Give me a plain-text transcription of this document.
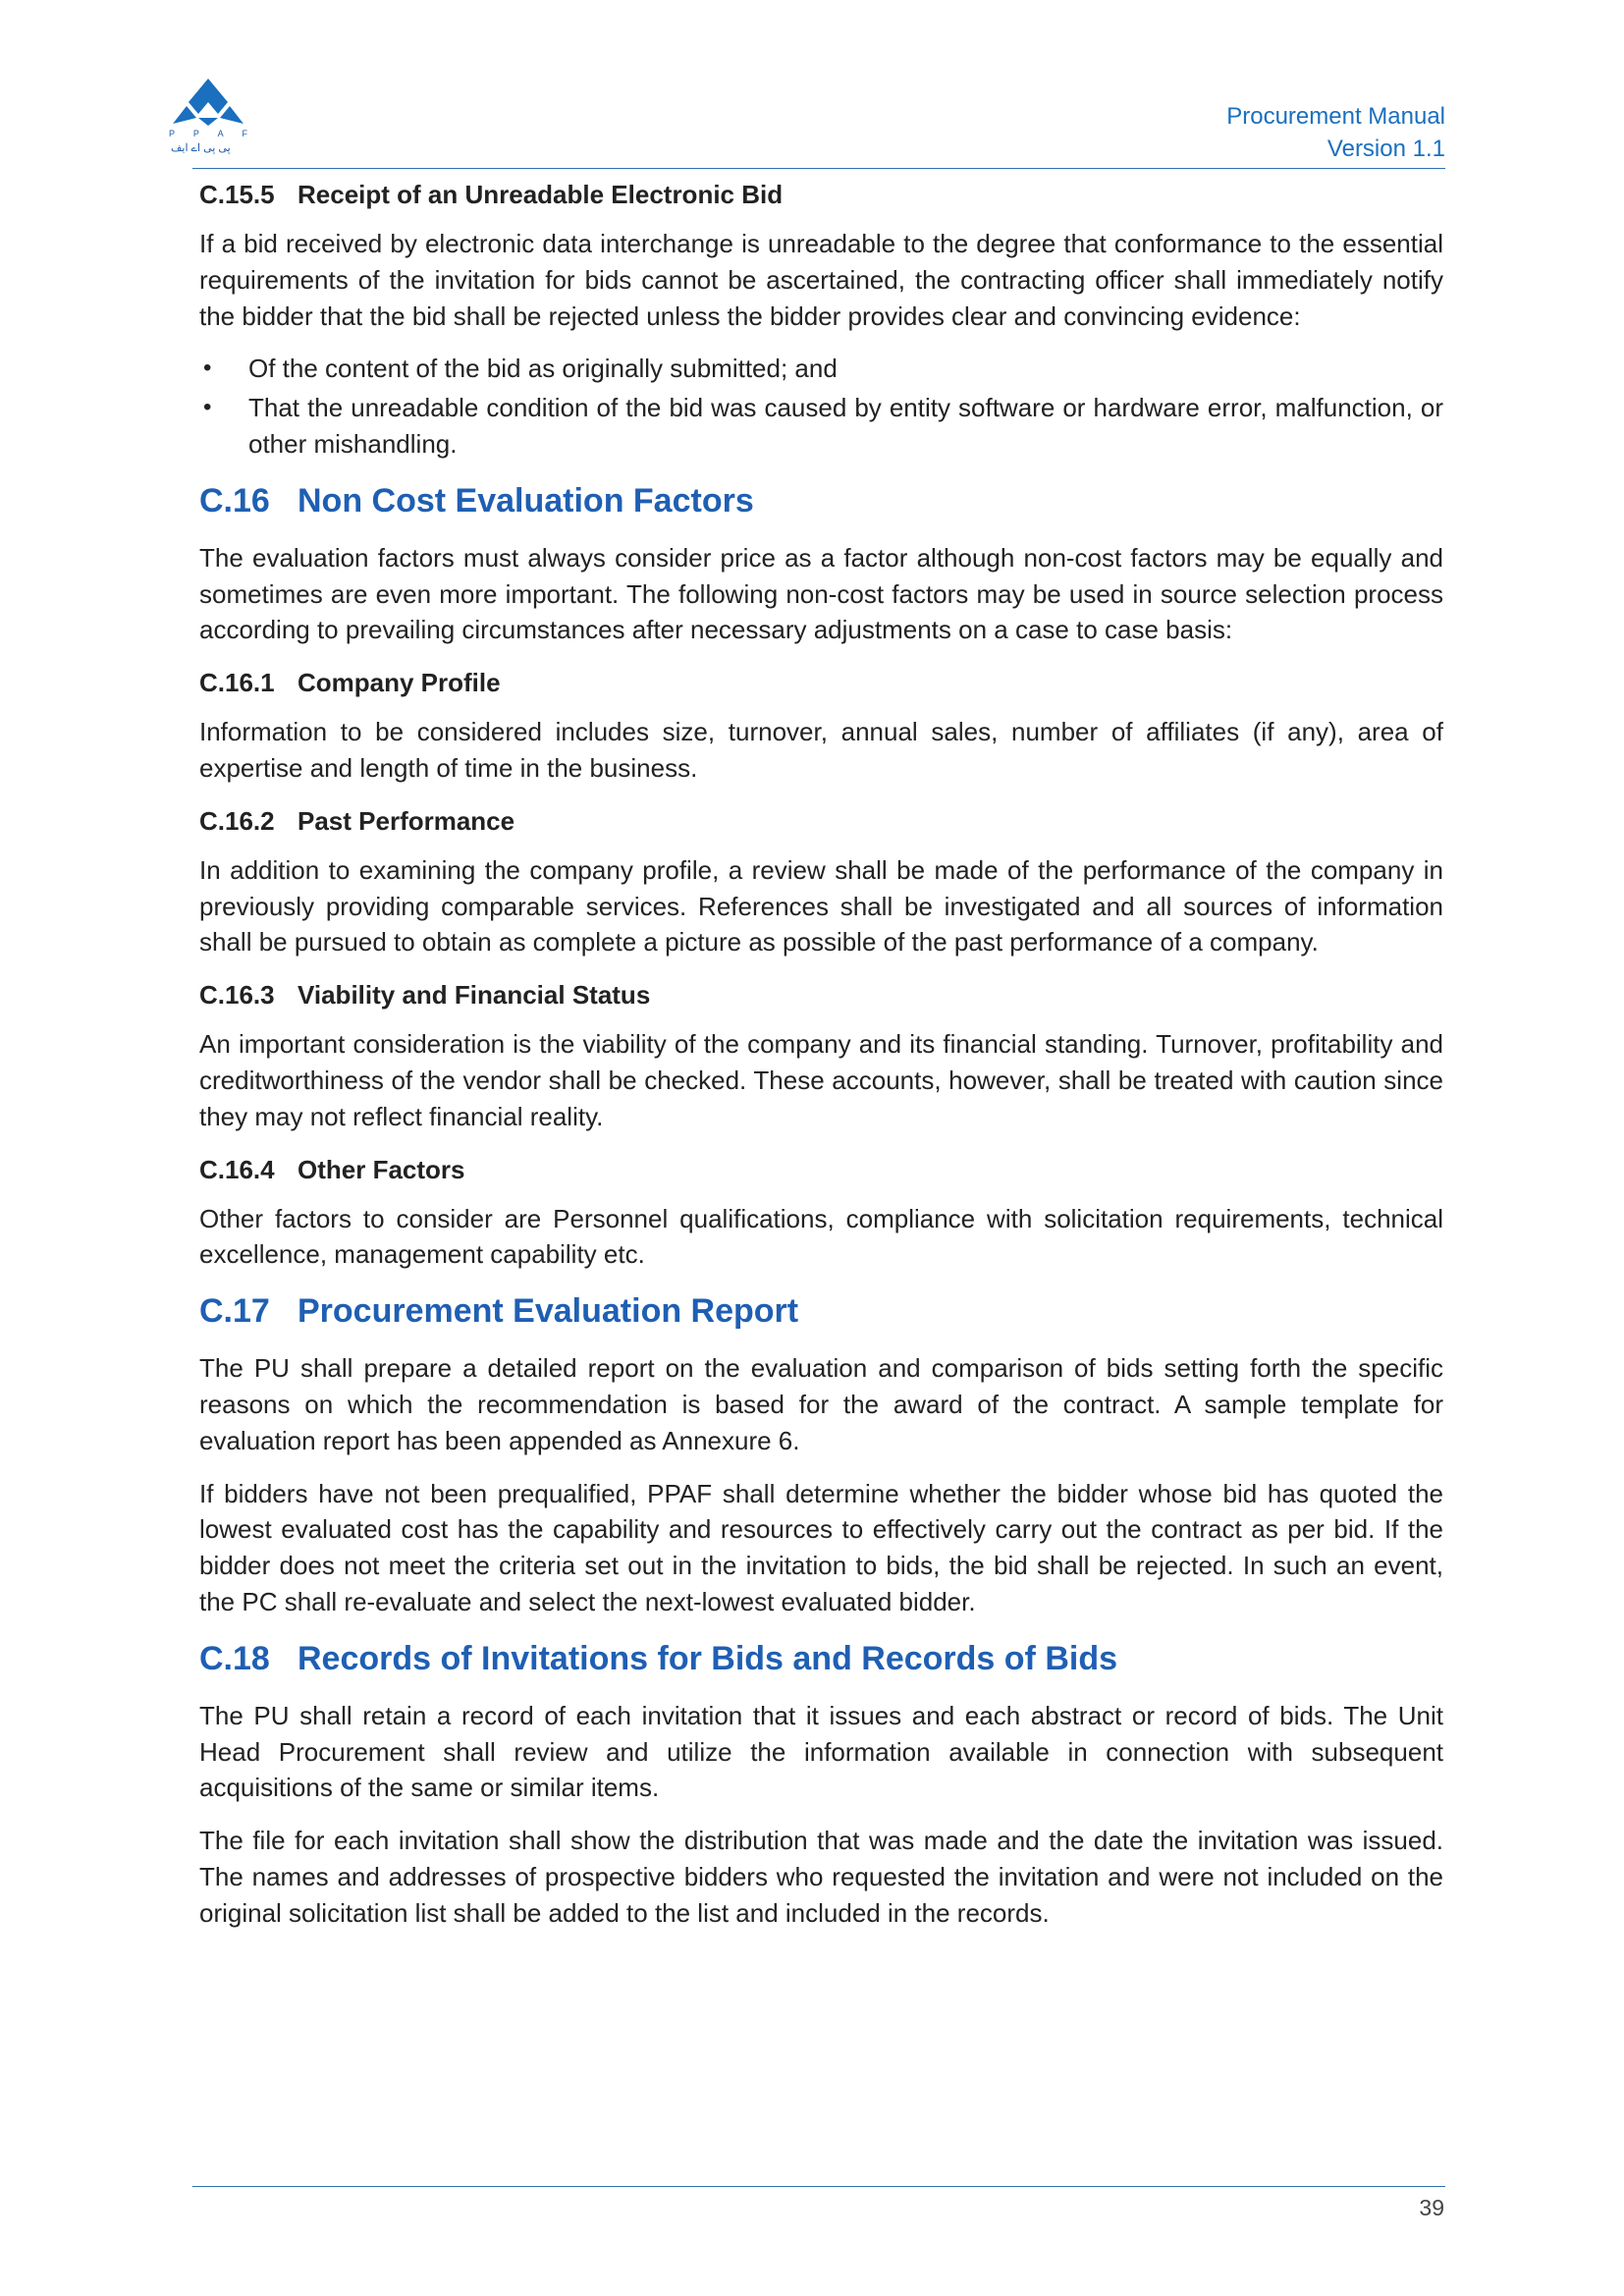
P P A F
پی پی اے ایف
Procurement Manual
Version 1.1
C.15.5 Receipt of an Unreadable Electronic Bid

If a bid received by electronic data interchange is unreadable to the degree that conformance to the essential requirements of the invitation for bids cannot be ascertained, the contracting officer shall immediately notify the bidder that the bid shall be rejected unless the bidder provides clear and convincing evidence:

• Of the content of the bid as originally submitted; and
• That the unreadable condition of the bid was caused by entity software or hardware error, malfunction, or other mishandling.
C.16 Non Cost Evaluation Factors

The evaluation factors must always consider price as a factor although non-cost factors may be equally and sometimes are even more important. The following non-cost factors may be used in source selection process according to prevailing circumstances after necessary adjustments on a case to case basis:

C.16.1 Company Profile

Information to be considered includes size, turnover, annual sales, number of affiliates (if any), area of expertise and length of time in the business.

C.16.2 Past Performance

In addition to examining the company profile, a review shall be made of the performance of the company in previously providing comparable services. References shall be investigated and all sources of information shall be pursued to obtain as complete a picture as possible of the past performance of a company.

C.16.3 Viability and Financial Status

An important consideration is the viability of the company and its financial standing. Turnover, profitability and creditworthiness of the vendor shall be checked. These accounts, however, shall be treated with caution since they may not reflect financial reality.

C.16.4 Other Factors

Other factors to consider are Personnel qualifications, compliance with solicitation requirements, technical excellence, management capability etc.

C.17 Procurement Evaluation Report

The PU shall prepare a detailed report on the evaluation and comparison of bids setting forth the specific reasons on which the recommendation is based for the award of the contract. A sample template for evaluation report has been appended as Annexure 6.

If bidders have not been prequalified, PPAF shall determine whether the bidder whose bid has quoted the lowest evaluated cost has the capability and resources to effectively carry out the contract as per bid. If the bidder does not meet the criteria set out in the invitation to bids, the bid shall be rejected. In such an event, the PC shall re-evaluate and select the next-lowest evaluated bidder.

C.18 Records of Invitations for Bids and Records of Bids

The PU shall retain a record of each invitation that it issues and each abstract or record of bids. The Unit Head Procurement shall review and utilize the information available in connection with subsequent acquisitions of the same or similar items.

The file for each invitation shall show the distribution that was made and the date the invitation was issued. The names and addresses of prospective bidders who requested the invitation and were not included on the original solicitation list shall be added to the list and included in the records.

39
